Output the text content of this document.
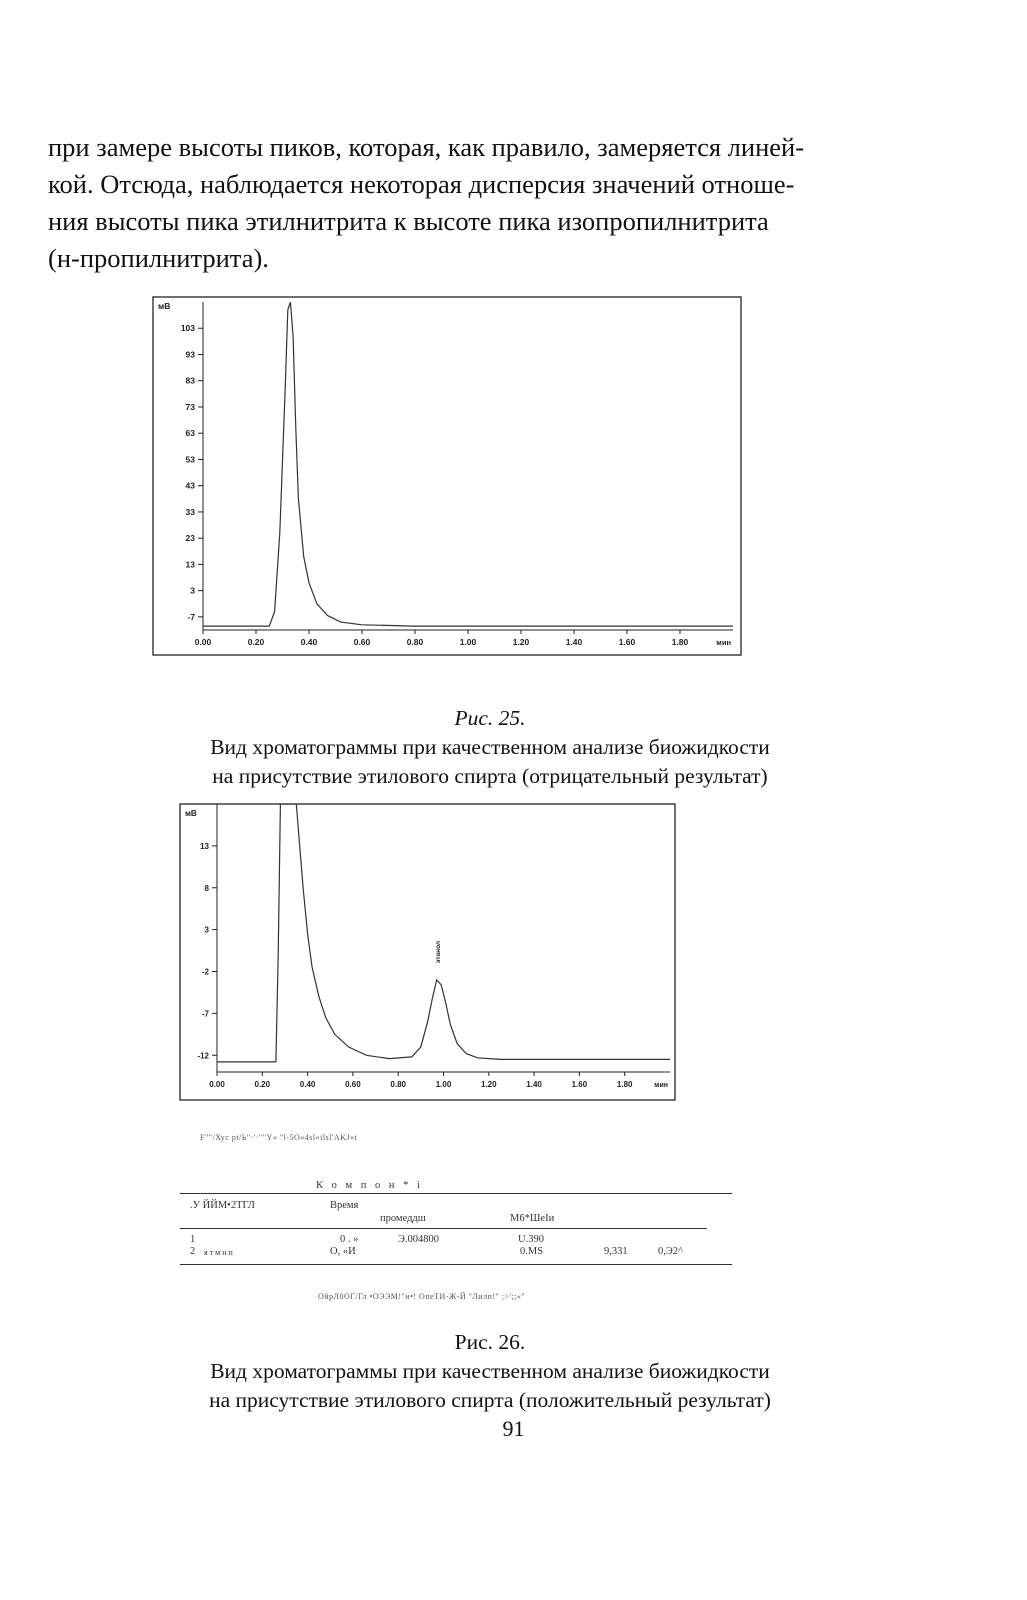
при замере высоты пиков, которая, как правило, замеряется линей-
кой. Отсюда, наблюдается некоторая дисперсия значений отноше-
ния высоты пика этилнитрита к высоте пика изопропилнитрита
(н-пропилнитрита).

мВ
103
93
83
73
63
53
43
33
23
13
3
-7
0.00	0.20	0.40	0.60	0.80	1.00	1.20	1.40	1.60	1.80	мин

Рис. 25.
Вид хроматограммы при качественном анализе биожидкости
на присутствие этилового спирта (отрицательный результат)

мВ
13
8
3
-2
-7
-12
0.00	0.20	0.40	0.60	0.80	1.00	1.20	1.40	1.60	1.80	мин
этанол
F""/Хус pt/Ь"·'·'"'Y« "l-5O«4sl«ilsl'AKJ«t
К о м п о н * i
.У ЙЙМ•2ТГЛ	Время
промеддш	М6*ШеIи
1	0 . »	Э.004800	U.390
2 я т м н п	О, «И	0.МS	9,331	0,Э2^
ОйрЛ0ОГ/Гл •ОЭЭМ!"и•! ОпеТИ-Ж-Й "Лилп!" ;>';;«"

Рис. 26.
Вид хроматограммы при качественном анализе биожидкости
на присутствие этилового спирта (положительный результат)

91
